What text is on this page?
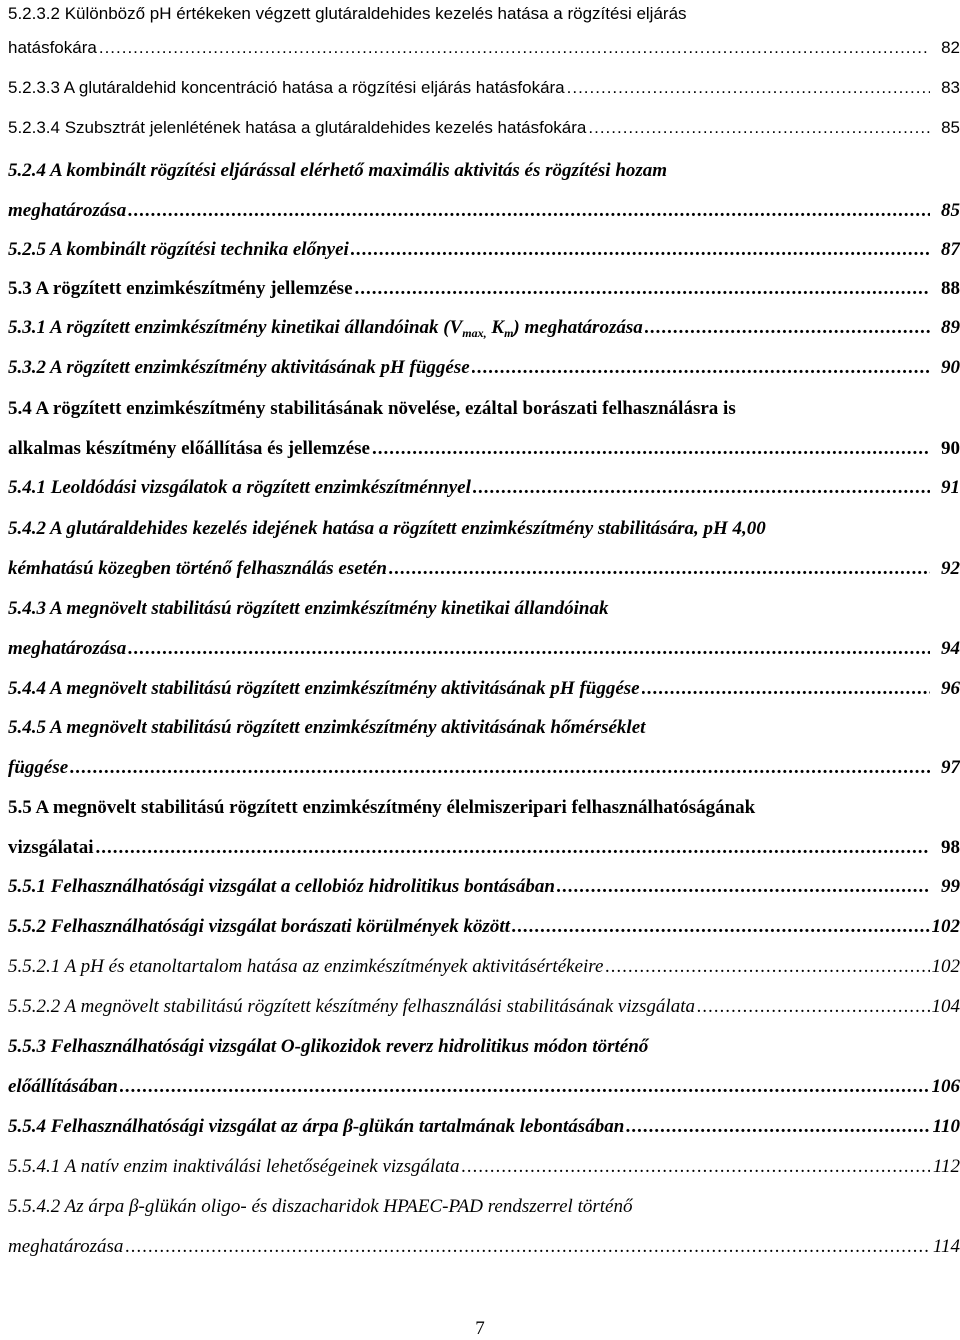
5.2.3.2 Különböző pH értékeken végzett glutáraldehides kezelés hatása a rögzítési eljárás
hatásfokára .....	82
5.2.3.3 A glutáraldehid koncentráció hatása a rögzítési eljárás hatásfokára .....	83
5.2.3.4 Szubsztrát jelenlétének hatása a glutáraldehides kezelés hatásfokára .....	85
5.2.4 A kombinált rögzítési eljárással elérhető maximális aktivitás és rögzítési hozam
meghatározása .....	85
5.2.5 A kombinált rögzítési technika előnyei .....	87
5.3 A rögzített enzimkészítmény jellemzése .....	88
5.3.1 A rögzített enzimkészítmény kinetikai állandóinak ($V_{max,}$ $K_m$) meghatározása .....	89
5.3.2 A rögzített enzimkészítmény aktivitásának pH függése .....	90
5.4 A rögzített enzimkészítmény stabilitásának növelése, ezáltal borászati felhasználásra is
alkalmas készítmény előállítása és jellemzése .....	90
5.4.1 Leoldódási vizsgálatok a rögzített enzimkészítménnyel .....	91
5.4.2 A glutáraldehides kezelés idejének hatása a rögzített enzimkészítmény stabilitására, pH 4,00
kémhatású közegben történő felhasználás esetén .....	92
5.4.3 A megnövelt stabilitású rögzített enzimkészítmény kinetikai állandóinak
meghatározása .....	94
5.4.4 A megnövelt stabilitású rögzített enzimkészítmény aktivitásának pH függése .....	96
5.4.5 A megnövelt stabilitású rögzített enzimkészítmény aktivitásának hőmérséklet
függése .....	97
5.5 A megnövelt stabilitású rögzített enzimkészítmény élelmiszeripari felhasználhatóságának
vizsgálatai .....	98
5.5.1 Felhasználhatósági vizsgálat a cellobióz hidrolitikus bontásában .....	99
5.5.2 Felhasználhatósági vizsgálat borászati körülmények között .....	102
5.5.2.1 A pH és etanoltartalom hatása az enzimkészítmények aktivitásértékeire .....	102
5.5.2.2 A megnövelt stabilitású rögzített készítmény felhasználási stabilitásának vizsgálata .....	104
5.5.3 Felhasználhatósági vizsgálat O-glikozidok reverz hidrolitikus módon történő
előállításában .....	106
5.5.4 Felhasználhatósági vizsgálat az árpa β-glükán tartalmának lebontásában .....	110
5.5.4.1 A natív enzim inaktiválási lehetőségeinek vizsgálata .....	112
5.5.4.2 Az árpa β-glükán oligo- és diszacharidok HPAEC-PAD rendszerrel történő
meghatározása .....	114
7
